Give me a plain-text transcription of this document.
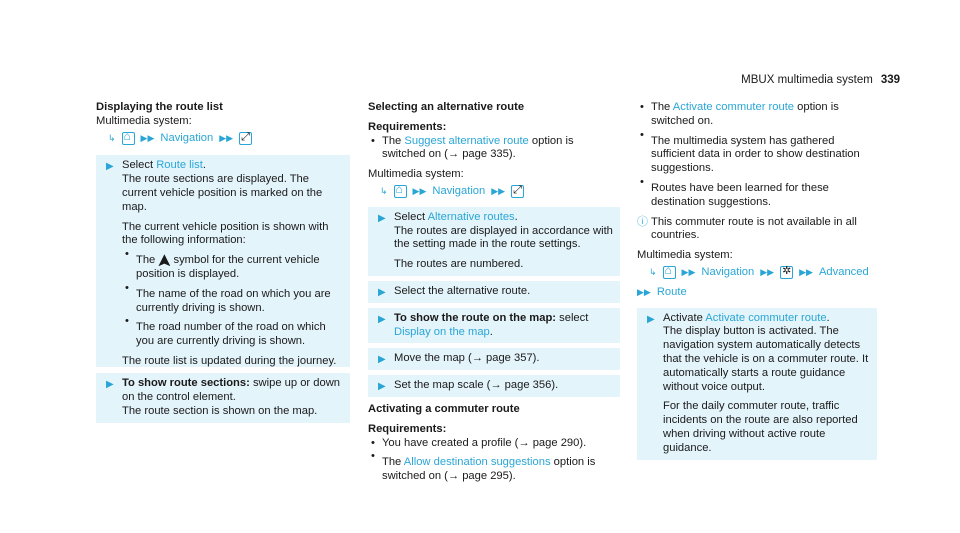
MBUX multimedia system 339
Displaying the route list
Multimedia system:
↳ ⌂	▶▶ Navigation ▶▶
⤢
▶ Select Route list.
The route sections are displayed. The current vehicle position is marked on the map.
The current vehicle position is shown with the following information:
• The  symbol for the current vehicle position is displayed.
• The name of the road on which you are currently driving is shown.
• The road number of the road on which you are currently driving is shown.
The route list is updated during the journey.
▶ To show route sections: swipe up or down on the control element.
The route section is shown on the map.
Selecting an alternative route
Requirements:
• The Suggest alternative route option is switched on (→ page 335).
Multimedia system:
↳ ⌂	▶▶ Navigation ▶▶
⤢
▶ Select Alternative routes.
The routes are displayed in accordance with the setting made in the route settings.
The routes are numbered.
▶ Select the alternative route.
▶ To show the route on the map: select Display on the map.
▶ Move the map (→ page 357).
▶ Set the map scale (→ page 356).
Activating a commuter route
Requirements:
• You have created a profile (→ page 290).
• The Allow destination suggestions option is switched on (→ page 295).
• The Activate commuter route option is switched on.
• The multimedia system has gathered sufficient data in order to show destination suggestions.
• Routes have been learned for these destination suggestions.
ⓘ This commuter route is not available in all countries.
Multimedia system:
↳ ⌂	▶▶ Navigation ▶▶ ✲	▶▶ Advanced
▶▶ Route
▶ Activate Activate commuter route.
The display button is activated. The navigation system automatically detects that the vehicle is on a commuter route. It automatically starts a route guidance without voice output.
For the daily commuter route, traffic incidents on the route are also reported when driving without active route guidance.
